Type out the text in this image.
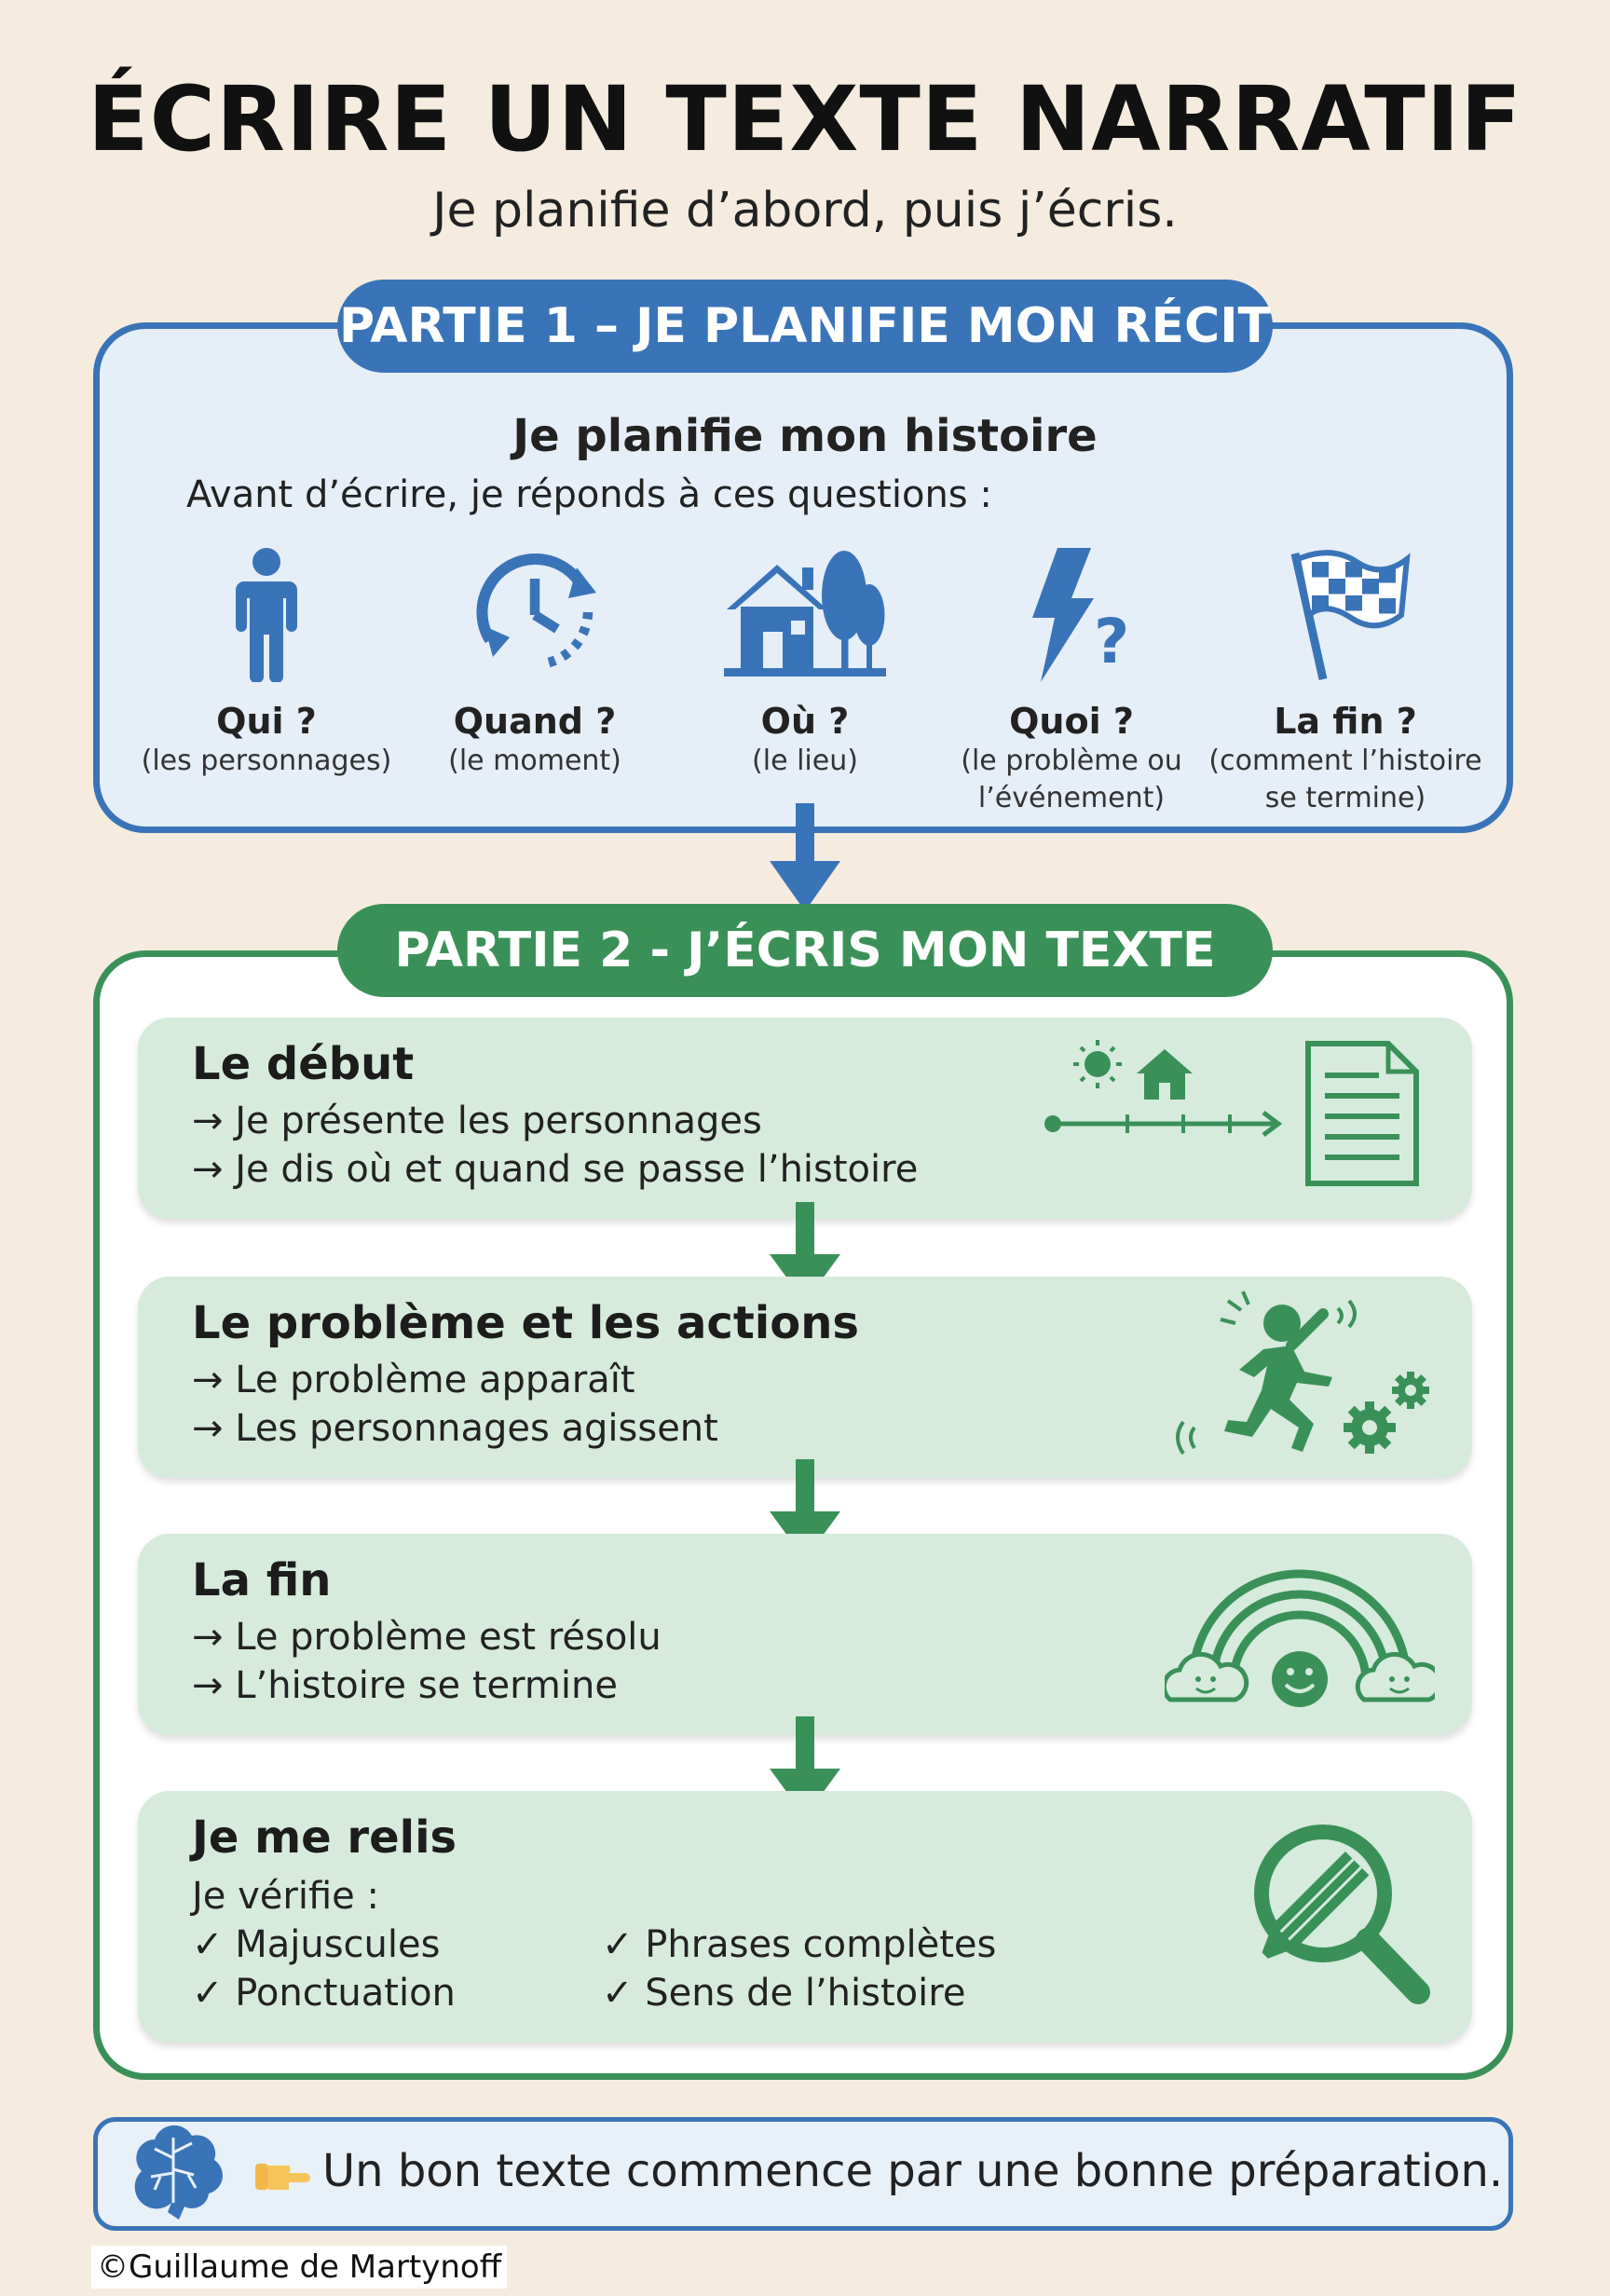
ÉCRIRE UN TEXTE NARRATIF
Je planifie d’abord, puis j’écris.
PARTIE 1 – JE PLANIFIE MON RÉCIT
Je planifie mon histoire
Avant d’écrire, je réponds à ces questions :
Qui ?
(les personnages)
Quand ?
(le moment)
Où ?
(le lieu)
?
Quoi ?
(le problème ou
l’événement)
La fin ?
(comment l’histoire
se termine)
PARTIE 2 - J’ÉCRIS MON TEXTE
Le début
→ Je présente les personnages
→ Je dis où et quand se passe l’histoire
Le problème et les actions
→ Le problème apparaît
→ Les personnages agissent
La fin
→ Le problème est résolu
→ L’histoire se termine
Je me relis
Je vérifie :
✓ Majuscules
✓ Ponctuation
✓ Phrases complètes
✓ Sens de l’histoire
Un bon texte commence par une bonne préparation.
©Guillaume de Martynoff
